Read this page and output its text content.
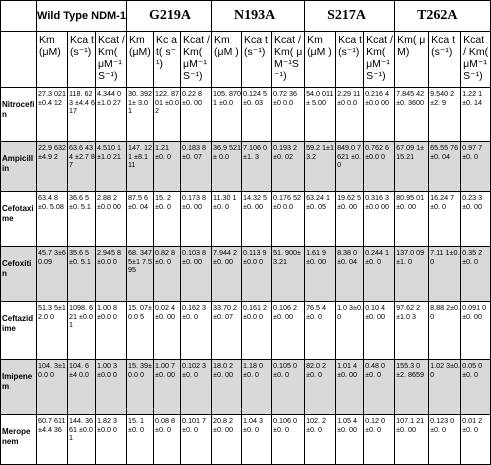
	Wild Type NDM-1			G219A			N193A			S217A			T262A		
	Km (μM)	Kca t(s⁻¹)	Kcat / Km( μM⁻¹S⁻¹)	Km (μM)	Kc at( s⁻¹)	Kcat / Km( μM⁻¹ S⁻¹)	Km (μM )	Kca t(s⁻¹)	Kcat / Km( μM⁻¹S⁻¹)	Km (μM )	Kca t(s⁻¹)	Kcat / Km( μM⁻¹S⁻¹)	Km( μM)	Kca t(s⁻¹)	Kcat / Km( μM⁻¹S⁻¹)
Nitrocefin	27.3 021 ±0.4 12	118. 623 ±4.4 617	4.344 0±1.0 27	30. 392 1± 3.0 1	122. 8701 ±0.0 2	0.22 8±0. 00	105. 8701 ±0.0	0.124 5±0. 03	0.72 36±0 0.0	54.0 011± 5.00	2.29 11±0 0.0	0.216 4±0.0 00	7.845 42±0. 3600	9.540 2±2. 9	1.22 1±0. 14
Ampicillin	22.9 632 ±4.9 2	63.6 434 ±2.7 87	4.510 1 ±1.0 21	147. 121 ±8.1 11	1.21 ±0. 0	0.183 8±0. 07	36.9 521± 0.0	7.106 0±1. 3	0.193 2±0. 02	59.2 1±1 3.2	849.0 7621 ±0.0	0.762 6±0.0 0	67.09 1± 15.21	65.55 76±0. 04	0.97 7±0. 0
Cefotaxime	63.4 8±0. 5.08	36.6 5±0. 5.1	2.88 2±0.0 00	87.5 6±0. 04	15. 2±0. 0	0.173 8±0. 00	11.30 1±0. 0	14.32 5±0. 00	0.176 52±0 0.0	63.24 1±0. 05	19.62 5±0. 00	0.316 3±0.0 00	80.95 01±0. 00	16.24 7±0. 0	0.23 3±0. 00
Cefoxitin	45.7 3±6 0.09	35.6 5±0. 5.1	2.945 8±0.0 0	68. 347 5±1 7.5 95	0.82 8±0. 0	0.103 8±0. 00	7.944 2±0. 00	0.113 9±0.0 0	51. 900± 3.21	1.61 9±0. 00	8.38 0±0. 04	0.244 1±0. 0	137.0 09±1. 0	7.11 1±0. 0	0.35 2±0. 0
Ceftazidime	51.3 5±1 2.0 0	1098. 621 ±0.0 1	1.00 8±0.0 0	15. 07± 0.0 5	0.02 4±0. 00	0.162 3±0. 0	33.70 2±0. 07	0.161 2±0.0 0	0.106 2±0. 00	76.5 4±0. 0	1.0 3±0. 0	0.10 4±0. 00	97.62 2±1.0 3	8.88 2±0. 0	0.091 0±0. 00
Imipenem	104. 3±1 0.0 0	104. 6±4 0.0	1.00 3±0.0 0	15. 39± 0.0 0	1.00 7±0. 00	0.102 3±0. 0	18.0 2±0. 00	1.18 0±0. 0	0.105 0±0. 0	82.0 2±0. 0	1.01 4±0. 00	0.48 0±0. 0	155.3 0±2. 8659	1.02 3±0. 0	0.05 0±0. 0
Meropenem	60.7 611 ±4.4 36	144. 3661 ±0.0 1	1.82 3±0.0 0	15. 1±0. 0	0.08 8±0. 0	0.101 7±0. 0	20.8 2±0. 00	1.04 3±0. 0	0.106 0±0. 0	102. 2±0. 0	1.05 4±0. 00	0.12 0±0. 0	107.1 21±0. 00	0.123 0±0. 0	0.01 2±0. 0
